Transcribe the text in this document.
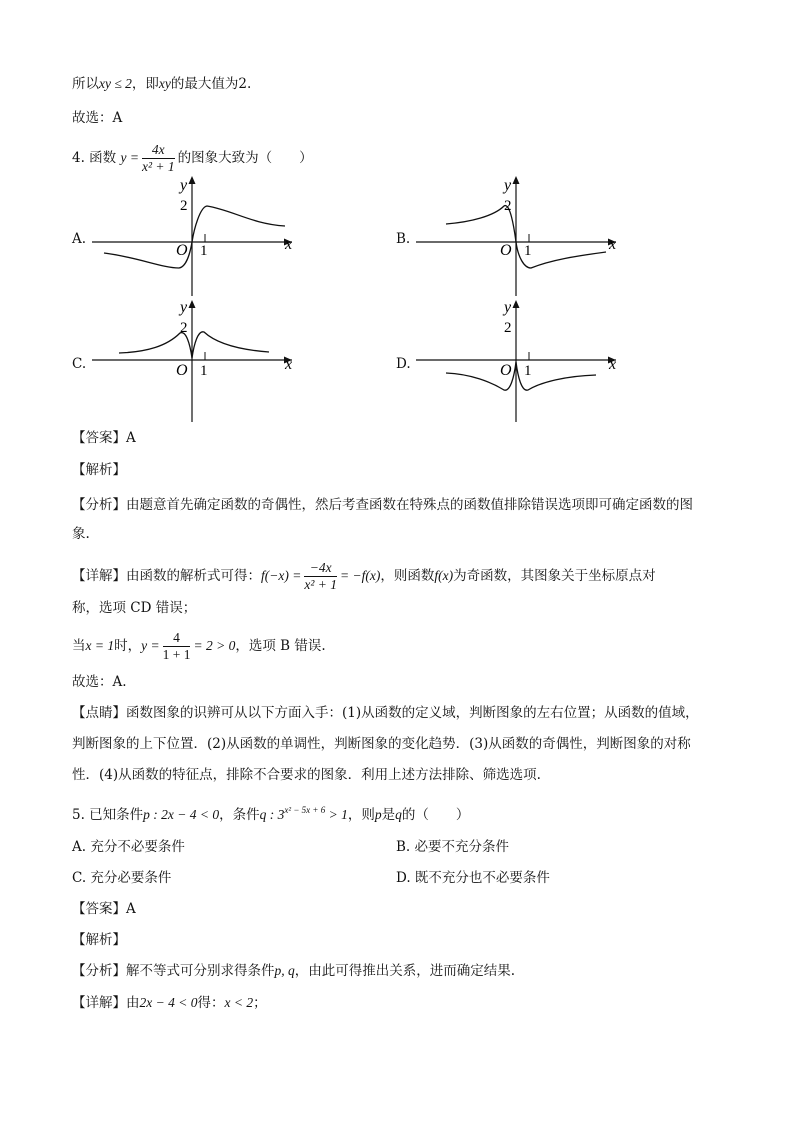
所以xy ≤ 2，即xy的最大值为2.
故选：A
4. 函数 $y = \frac{4x}{\text{x² + 1}}$ 的图象大致为（　　）
A.	B.
C.	D.
y
x
O 1
2
y
x
O 1
2
y
x
O 1
2
y
x
O 1
2
【答案】A
【解析】
【分析】由题意首先确定函数的奇偶性，然后考查函数在特殊点的函数值排除错误选项即可确定函数的图
象.
【详解】由函数的解析式可得：$f(-x) = \frac{-4x}{\text{x² + 1}} = -f(x)$，则函数f(x)为奇函数，其图象关于坐标原点对
称，选项 CD 错误；
当x = 1时，$y = \frac{4}{1 + 1} = 2 > 0$，选项 B 错误.
故选：A.
【点睛】函数图象的识辨可从以下方面入手：(1)从函数的定义域，判断图象的左右位置；从函数的值域，
判断图象的上下位置．(2)从函数的单调性，判断图象的变化趋势．(3)从函数的奇偶性，判断图象的对称
性．(4)从函数的特征点，排除不合要求的图象．利用上述方法排除、筛选选项.
5. 已知条件p : 2x − 4 < 0，条件q : $3^{x^2 - 5x + 6} > 1$，则p是q的（　　）
A. 充分不必要条件	B. 必要不充分条件
C. 充分必要条件	D. 既不充分也不必要条件
【答案】A
【解析】
【分析】解不等式可分别求得条件p, q，由此可得推出关系，进而确定结果.
【详解】由2x − 4 < 0得：x < 2；
